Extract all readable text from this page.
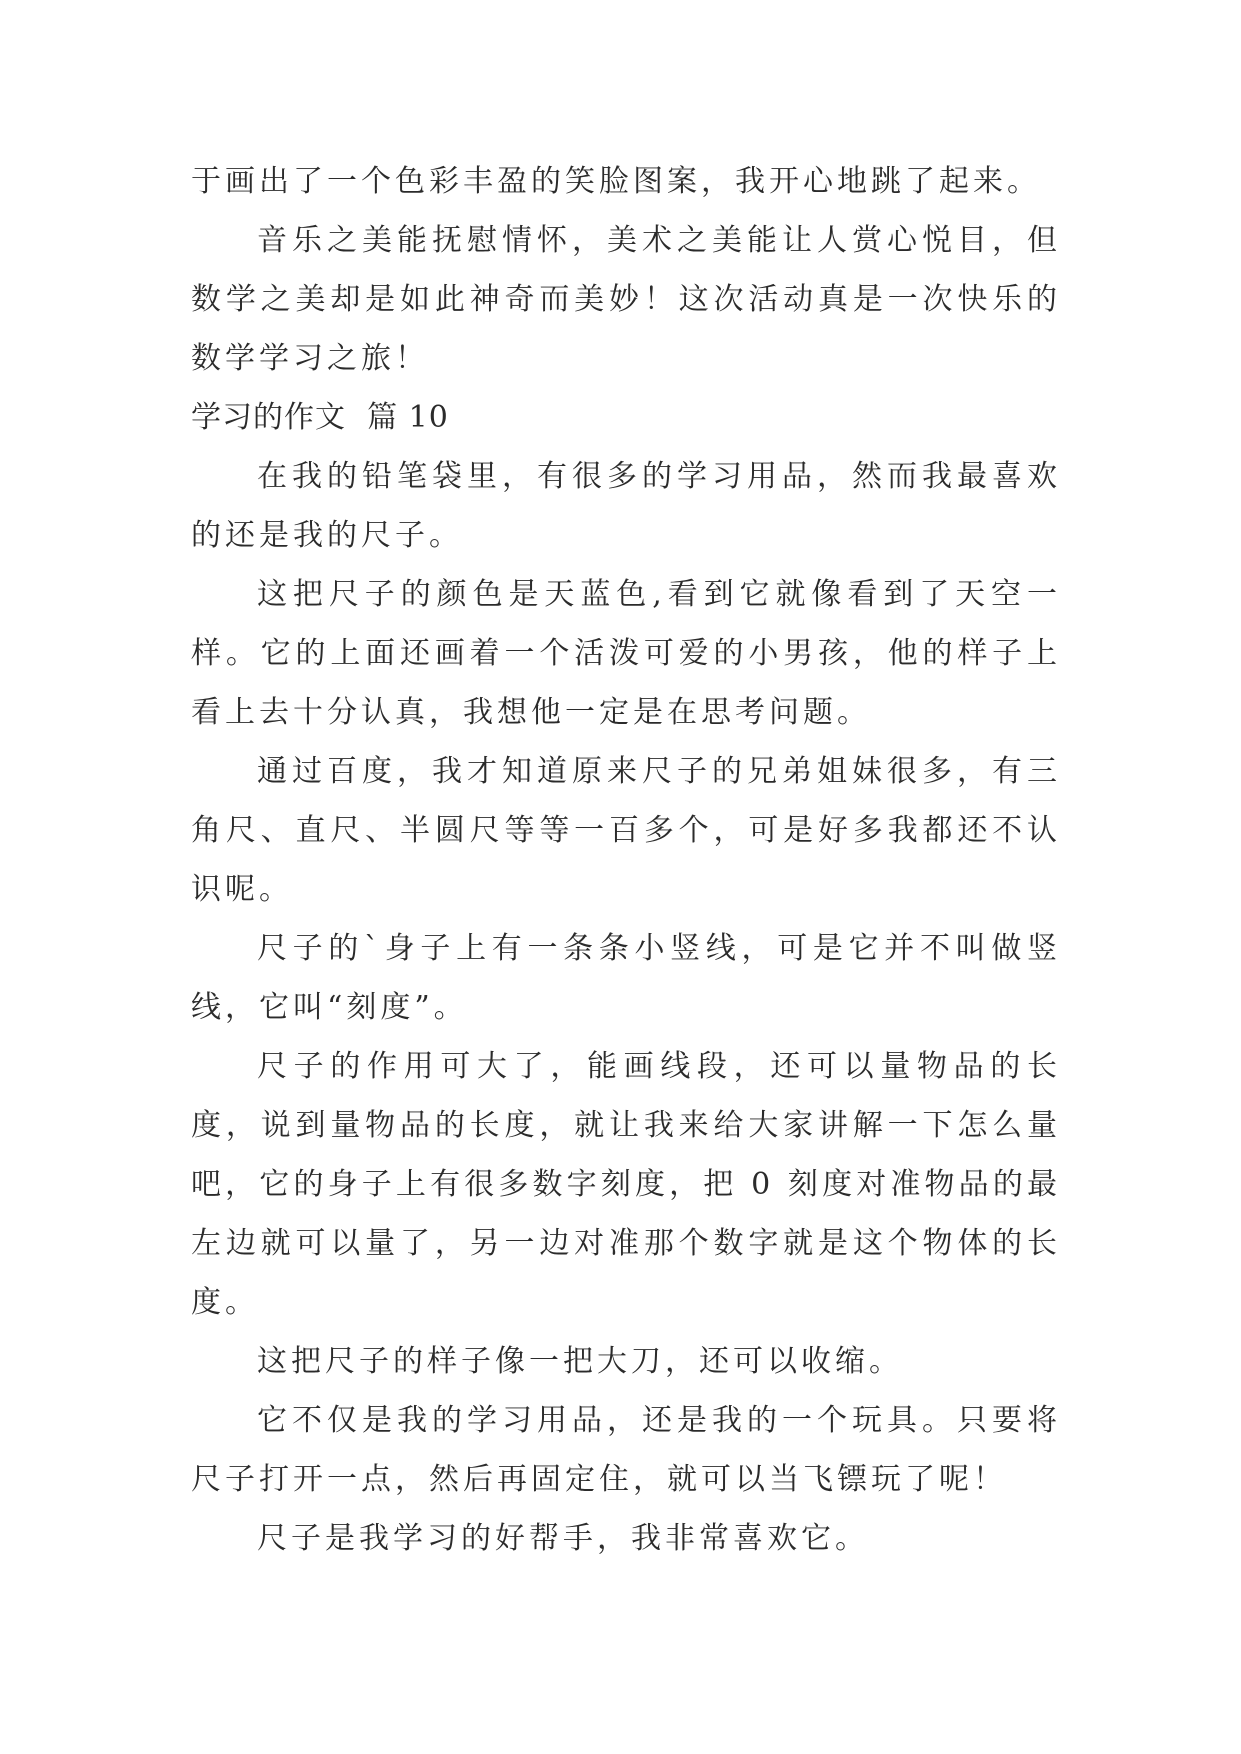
于画出了一个色彩丰盈的笑脸图案，我开心地跳了起来。

音乐之美能抚慰情怀，美术之美能让人赏心悦目，但数学之美却是如此神奇而美妙！这次活动真是一次快乐的数学学习之旅！

学习的作文  篇 10

在我的铅笔袋里，有很多的学习用品，然而我最喜欢的还是我的尺子。

这把尺子的颜色是天蓝色,看到它就像看到了天空一样。它的上面还画着一个活泼可爱的小男孩，他的样子上看上去十分认真，我想他一定是在思考问题。

通过百度，我才知道原来尺子的兄弟姐妹很多，有三角尺、直尺、半圆尺等等一百多个，可是好多我都还不认识呢。

尺子的`身子上有一条条小竖线，可是它并不叫做竖线，它叫“刻度”。

尺子的作用可大了，能画线段，还可以量物品的长度，说到量物品的长度，就让我来给大家讲解一下怎么量吧，它的身子上有很多数字刻度，把 0 刻度对准物品的最左边就可以量了，另一边对准那个数字就是这个物体的长度。

这把尺子的样子像一把大刀，还可以收缩。

它不仅是我的学习用品，还是我的一个玩具。只要将尺子打开一点，然后再固定住，就可以当飞镖玩了呢！

尺子是我学习的好帮手，我非常喜欢它。
